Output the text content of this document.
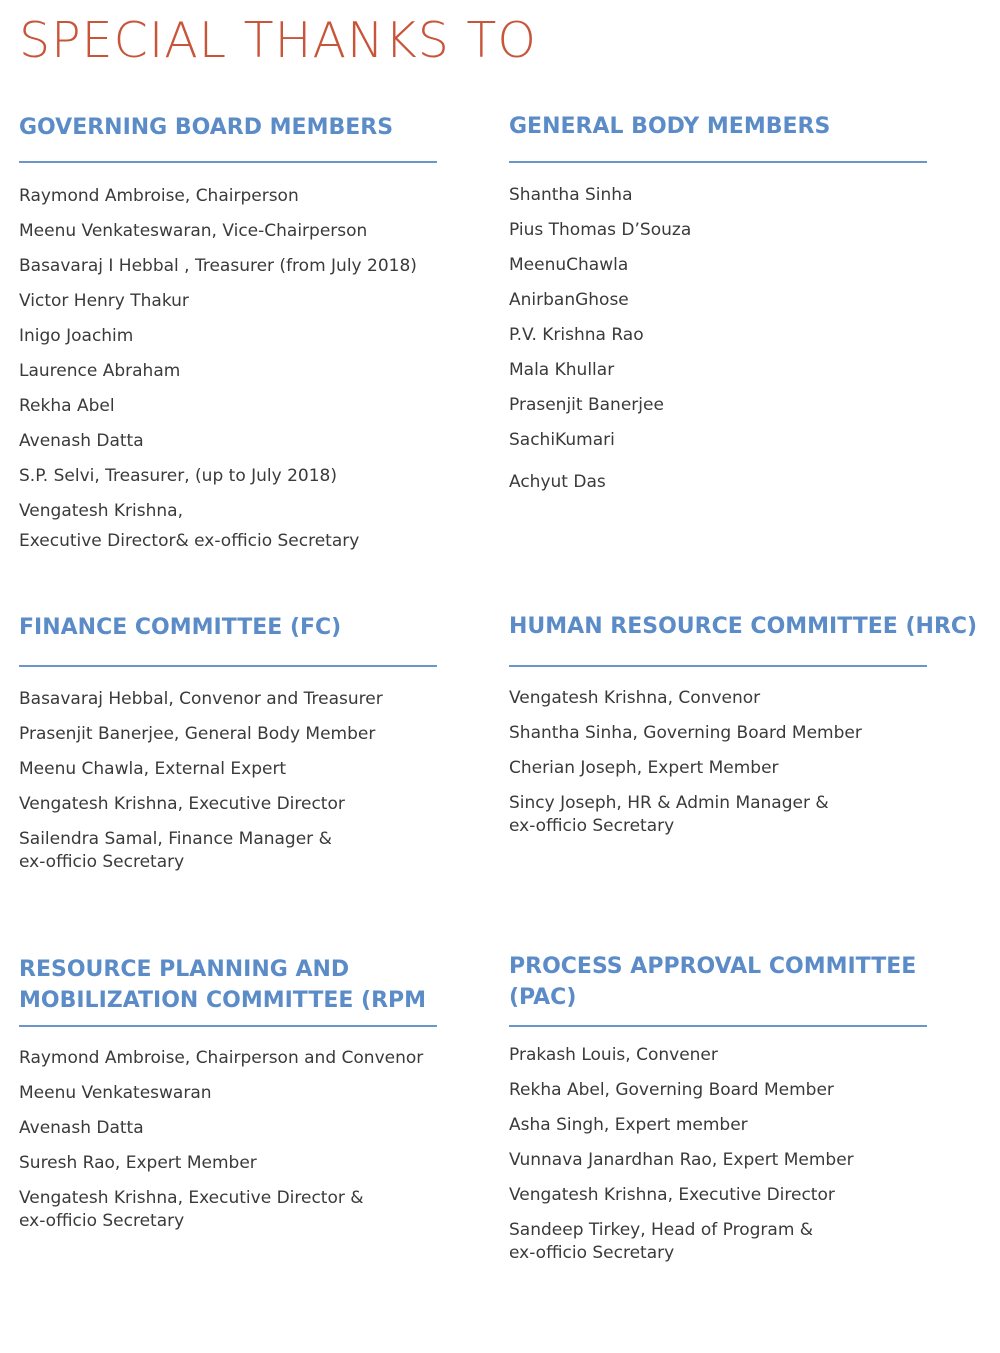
SPECIAL THANKS TO
GOVERNING BOARD MEMBERS

Raymond Ambroise, Chairperson

Meenu Venkateswaran, Vice-Chairperson

Basavaraj I Hebbal , Treasurer (from July 2018)

Victor Henry Thakur

Inigo Joachim

Laurence Abraham

Rekha Abel

Avenash Datta

S.P. Selvi, Treasurer, (up to July 2018)

Vengatesh Krishna,

Executive Director& ex-officio Secretary

GENERAL BODY MEMBERS

Shantha Sinha

Pius Thomas D’Souza

MeenuChawla

AnirbanGhose

P.V. Krishna Rao

Mala Khullar

Prasenjit Banerjee

SachiKumari

Achyut Das

FINANCE COMMITTEE (FC)

Basavaraj Hebbal, Convenor and Treasurer

Prasenjit Banerjee, General Body Member

Meenu Chawla, External Expert

Vengatesh Krishna, Executive Director

Sailendra Samal, Finance Manager &

ex-officio Secretary

HUMAN RESOURCE COMMITTEE (HRC)

Vengatesh Krishna, Convenor

Shantha Sinha, Governing Board Member

Cherian Joseph, Expert Member

Sincy Joseph, HR & Admin Manager &

ex-officio Secretary

RESOURCE PLANNING AND
MOBILIZATION COMMITTEE (RPM

Raymond Ambroise, Chairperson and Convenor

Meenu Venkateswaran

Avenash Datta

Suresh Rao, Expert Member

Vengatesh Krishna, Executive Director &

ex-officio Secretary

PROCESS APPROVAL COMMITTEE
(PAC)

Prakash Louis, Convener

Rekha Abel, Governing Board Member

Asha Singh, Expert member

Vunnava Janardhan Rao, Expert Member

Vengatesh Krishna, Executive Director

Sandeep Tirkey, Head of Program &

ex-officio Secretary
